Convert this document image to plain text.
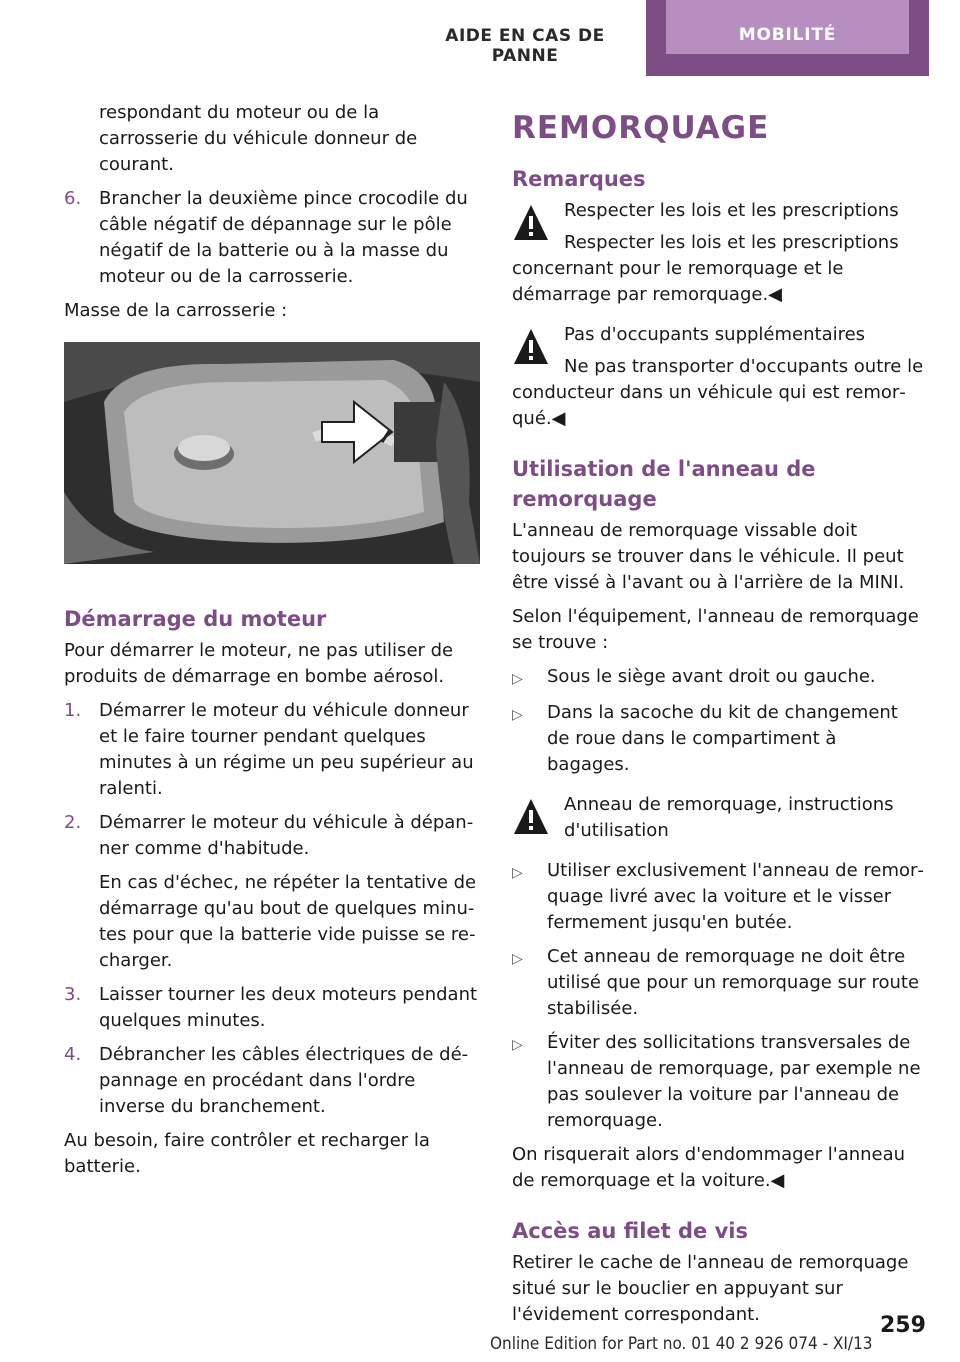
AIDE EN CAS DE PANNE
MOBILITÉ

respondant du moteur ou de la carrosserie du véhicule donneur de courant.

6. Brancher la deuxième pince crocodile du câble négatif de dépannage sur le pôle négatif de la batterie ou à la masse du moteur ou de la carrosserie.

Masse de la carrosserie :

Démarrage du moteur

Pour démarrer le moteur, ne pas utiliser de produits de démarrage en bombe aérosol.

1. Démarrer le moteur du véhicule donneur et le faire tourner pendant quelques minutes à un régime un peu supérieur au ralenti.
2. Démarrer le moteur du véhicule à dépanner comme d'habitude.

En cas d'échec, ne répéter la tentative de démarrage qu'au bout de quelques minutes pour que la batterie vide puisse se recharger.

3. Laisser tourner les deux moteurs pendant quelques minutes.
4. Débrancher les câbles électriques de dépannage en procédant dans l'ordre inverse du branchement.

Au besoin, faire contrôler et recharger la batterie.

REMORQUAGE
Remarques
Respecter les lois et les prescriptions
Respecter les lois et les prescriptions concernant pour le remorquage et le démarrage par remorquage.◀
Pas d'occupants supplémentaires
Ne pas transporter d'occupants outre le conducteur dans un véhicule qui est remorqué.◀
Utilisation de l'anneau de remorquage

L'anneau de remorquage vissable doit toujours se trouver dans le véhicule. Il peut être vissé à l'avant ou à l'arrière de la MINI.

Selon l'équipement, l'anneau de remorquage se trouve :

▷	Sous le siège avant droit ou gauche.
▷	Dans la sacoche du kit de changement de roue dans le compartiment à bagages.
Anneau de remorquage, instructions d'utilisation
▷	Utiliser exclusivement l'anneau de remorquage livré avec la voiture et le visser fermement jusqu'en butée.
▷	Cet anneau de remorquage ne doit être utilisé que pour un remorquage sur route stabilisée.
▷	Éviter des sollicitations transversales de l'anneau de remorquage, par exemple ne pas soulever la voiture par l'anneau de remorquage.

On risquerait alors d'endommager l'anneau de remorquage et la voiture.◀

Accès au filet de vis

Retirer le cache de l'anneau de remorquage situé sur le bouclier en appuyant sur l'évidement correspondant.	259
Online Edition for Part no. 01 40 2 926 074 - XI/13
